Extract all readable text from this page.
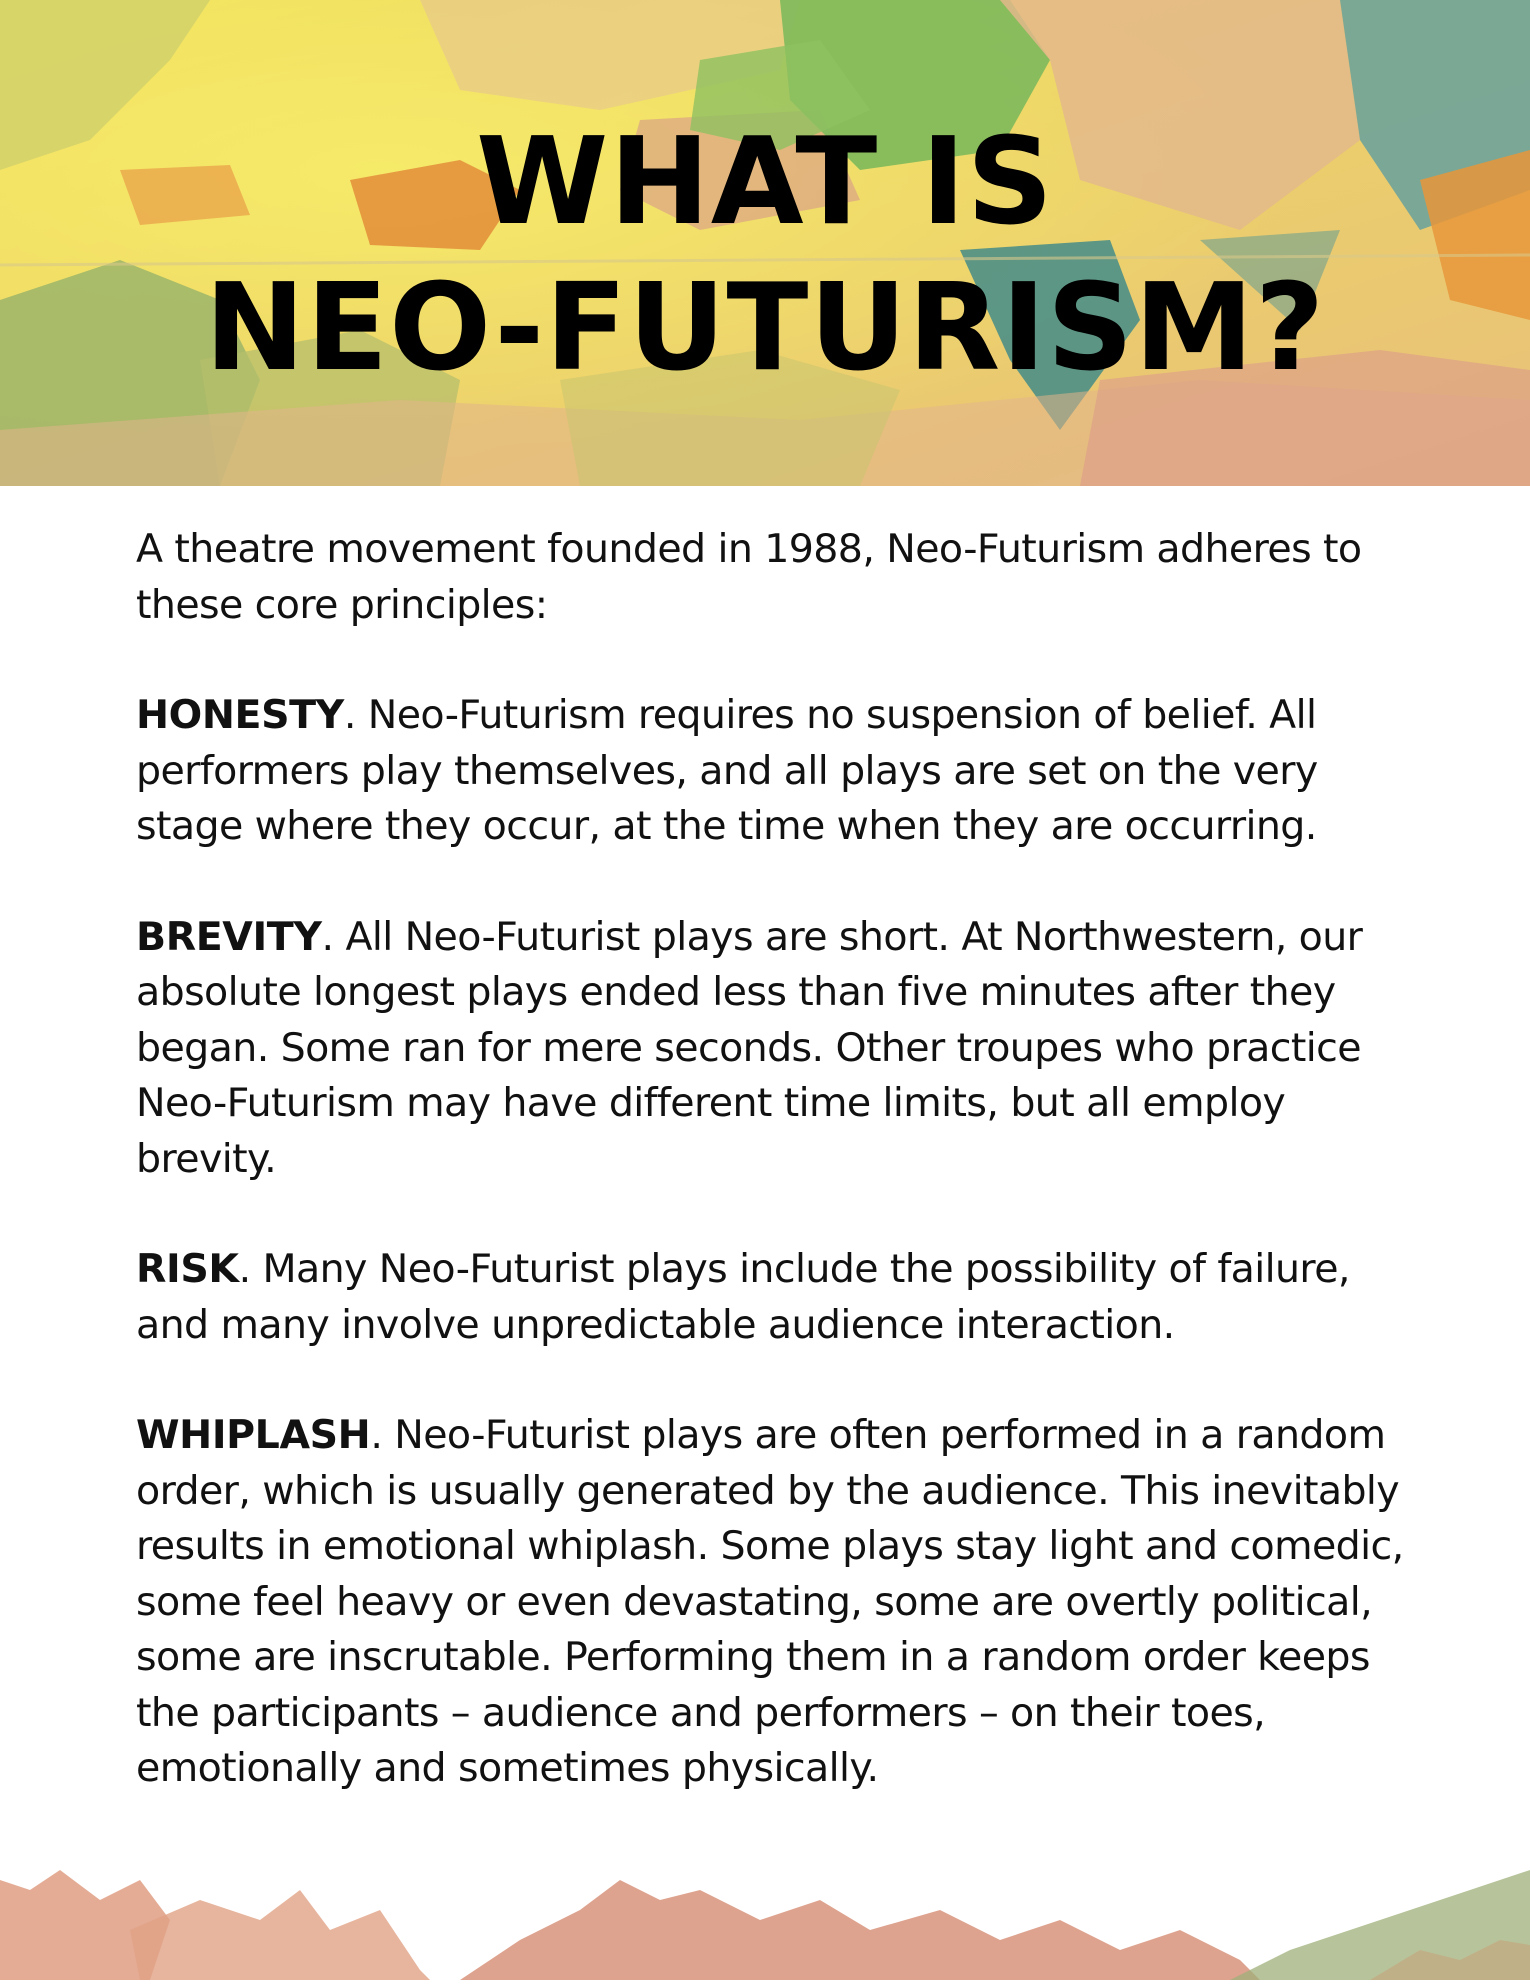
WHAT IS
NEO-FUTURISM?

A theatre movement founded in 1988, Neo-Futurism adheres to these core principles:

HONESTY. Neo-Futurism requires no suspension of belief. All performers play themselves, and all plays are set on the very stage where they occur, at the time when they are occurring.

BREVITY. All Neo-Futurist plays are short. At Northwestern, our absolute longest plays ended less than five minutes after they began. Some ran for mere seconds. Other troupes who practice Neo-Futurism may have different time limits, but all employ brevity.

RISK. Many Neo-Futurist plays include the possibility of failure, and many involve unpredictable audience interaction.

WHIPLASH. Neo-Futurist plays are often performed in a random order, which is usually generated by the audience. This inevitably results in emotional whiplash. Some plays stay light and comedic, some feel heavy or even devastating, some are overtly political, some are inscrutable. Performing them in a random order keeps the participants – audience and performers – on their toes, emotionally and sometimes physically.
